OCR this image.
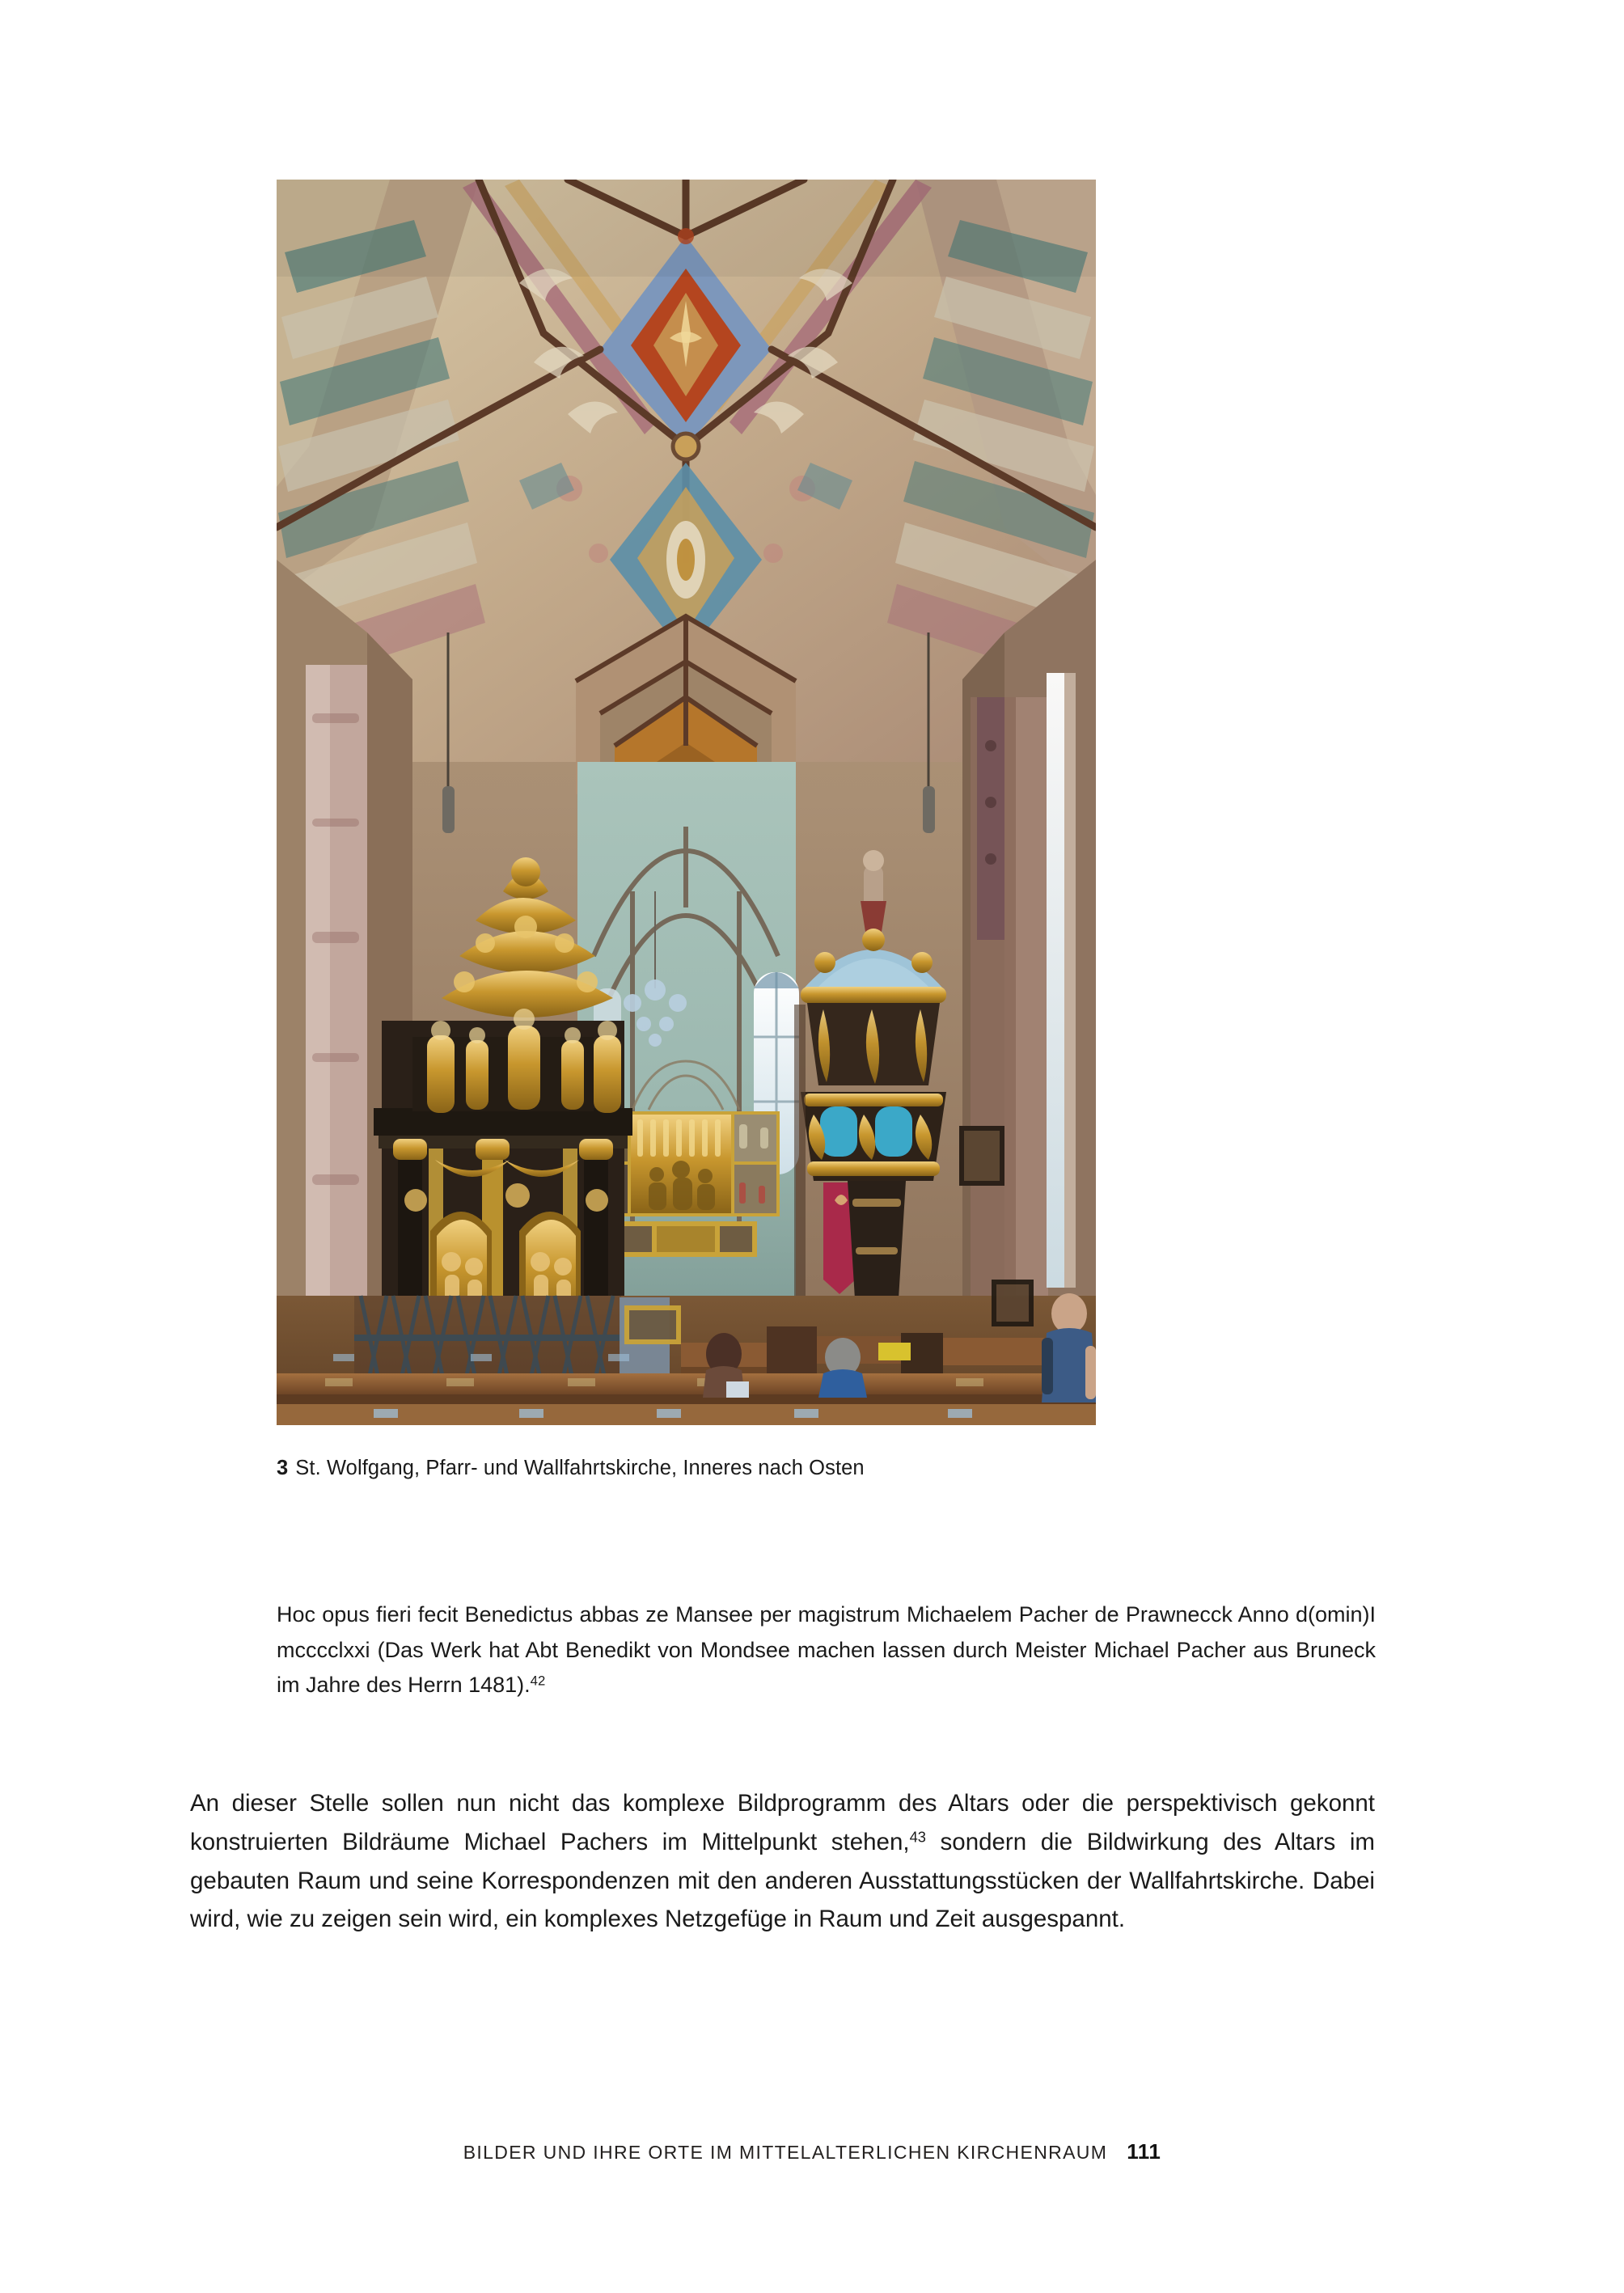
3 St. Wolfgang, Pfarr- und Wallfahrtskirche, Inneres nach Osten

Hoc opus fieri fecit Benedictus abbas ze Mansee per magistrum Michaelem Pacher de Prawnecck Anno d(omin)I mcccclxxi (Das Werk hat Abt Benedikt von Mondsee machen lassen durch Meister Michael Pacher aus Bruneck im Jahre des Herrn 1481).$^{42}$

An dieser Stelle sollen nun nicht das komplexe Bildprogramm des Altars oder die perspektivisch gekonnt konstruierten Bildräume Michael Pachers im Mittelpunkt stehen,$^{43}$ sondern die Bildwirkung des Altars im gebauten Raum und seine Korrespondenzen mit den anderen Ausstattungsstücken der Wallfahrtskirche. Dabei wird, wie zu zeigen sein wird, ein komplexes Netzgefüge in Raum und Zeit ausgespannt.

BILDER UND IHRE ORTE IM MITTELALTERLICHEN KIRCHENRAUM 111
